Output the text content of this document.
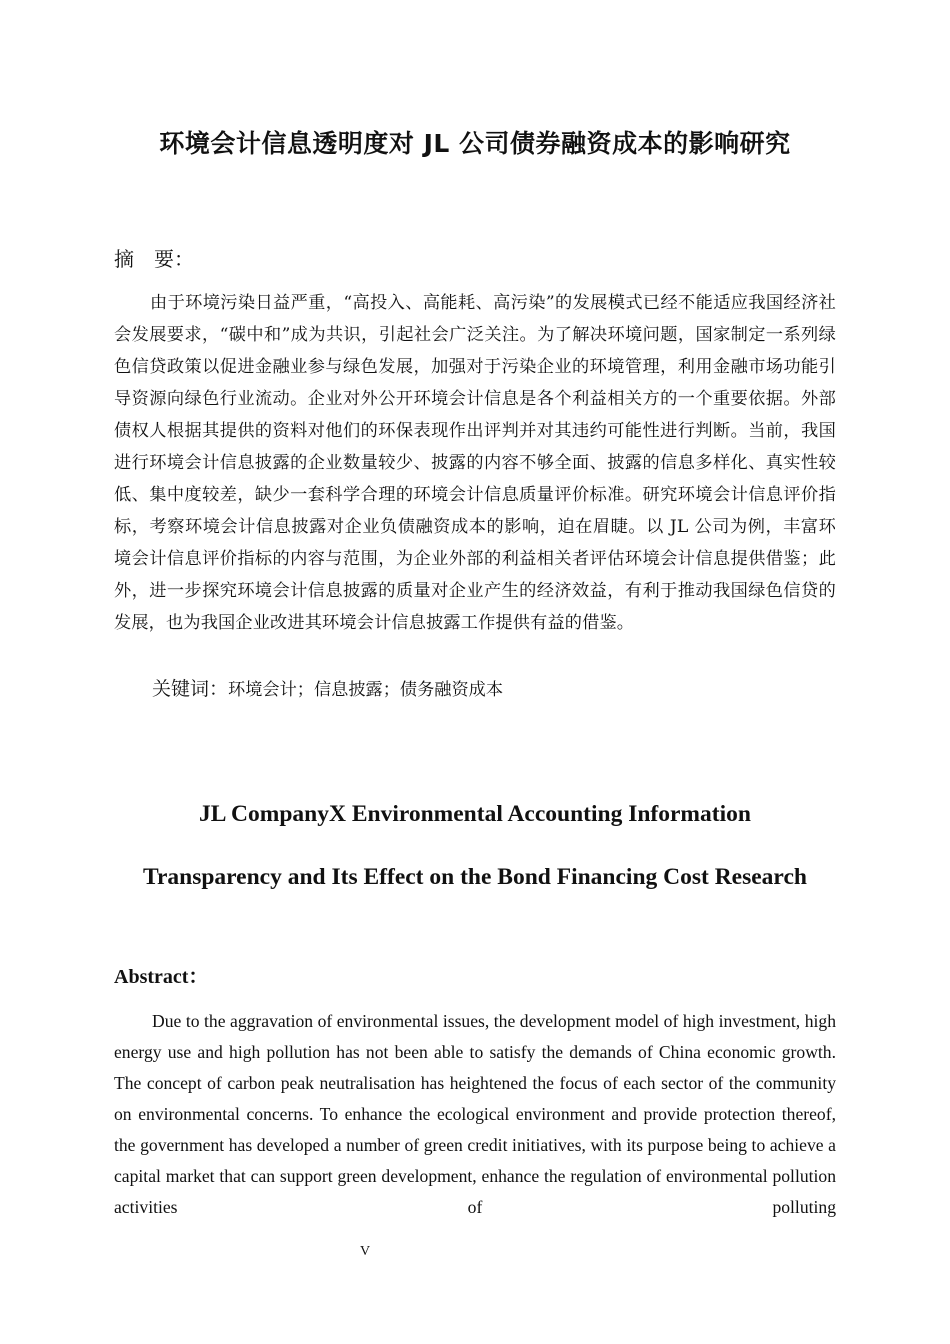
环境会计信息透明度对 JL 公司债券融资成本的影响研究
摘 要：

由于环境污染日益严重，“高投入、高能耗、高污染”的发展模式已经不能适应我国经济社会发展要求，“碳中和”成为共识，引起社会广泛关注。为了解决环境问题，国家制定一系列绿色信贷政策以促进金融业参与绿色发展，加强对于污染企业的环境管理，利用金融市场功能引导资源向绿色行业流动。企业对外公开环境会计信息是各个利益相关方的一个重要依据。外部债权人根据其提供的资料对他们的环保表现作出评判并对其违约可能性进行判断。当前，我国进行环境会计信息披露的企业数量较少、披露的内容不够全面、披露的信息多样化、真实性较低、集中度较差，缺少一套科学合理的环境会计信息质量评价标准。研究环境会计信息评价指标，考察环境会计信息披露对企业负债融资成本的影响，迫在眉睫。以 JL 公司为例，丰富环境会计信息评价指标的内容与范围，为企业外部的利益相关者评估环境会计信息提供借鉴；此外，进一步探究环境会计信息披露的质量对企业产生的经济效益，有利于推动我国绿色信贷的发展，也为我国企业改进其环境会计信息披露工作提供有益的借鉴。

关键词：环境会计；信息披露；债务融资成本

JL CompanyX Environmental Accounting Information
Transparency and Its Effect on the Bond Financing Cost Research
Abstract：

Due to the aggravation of environmental issues, the development model of high investment, high energy use and high pollution has not been able to satisfy the demands of China economic growth. The concept of carbon peak neutralisation has heightened the focus of each sector of the community on environmental concerns. To enhance the ecological environment and provide protection thereof, the government has developed a number of green credit initiatives, with its purpose being to achieve a capital market that can support green development, enhance the regulation of environmental pollution activities of polluting

V
